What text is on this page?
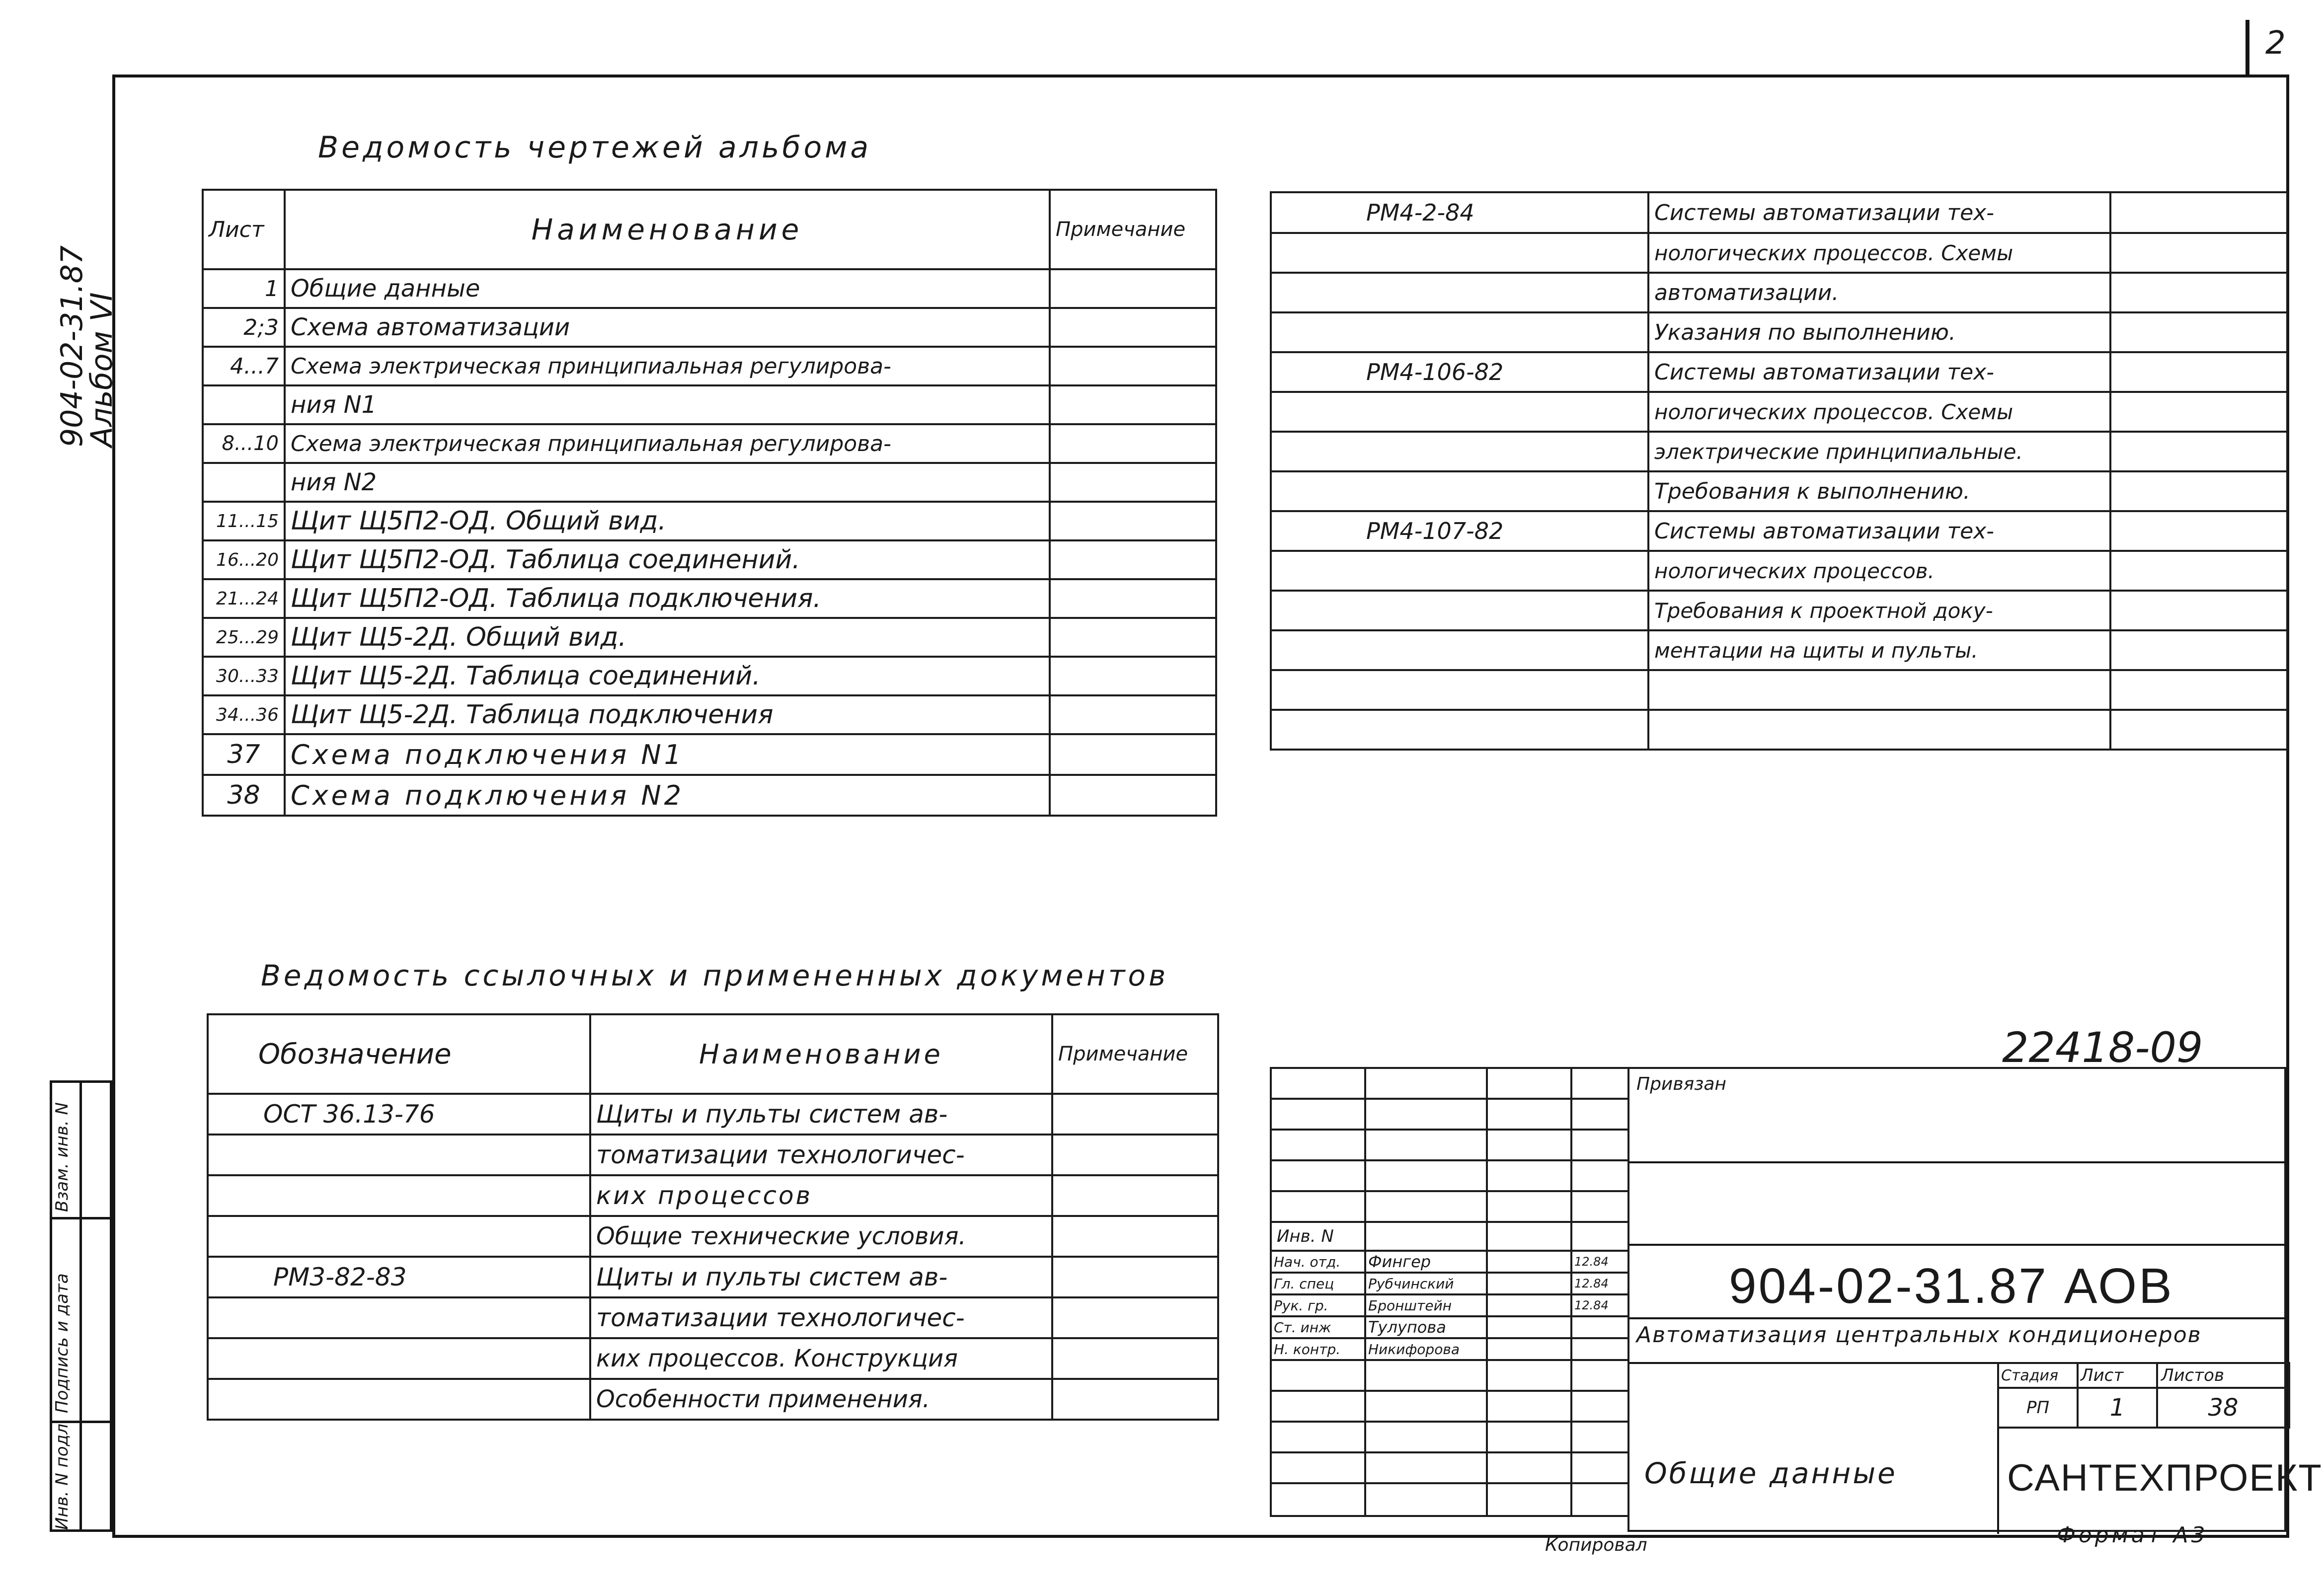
2
904-02-31.87
Альбом VI
Взам. инв. N
Подпись и дата
Инв. N подл.
Ведомость чертежей альбома
Лист	Наименование	Примечание
1	Общие данные	
2;3	Схема автоматизации	
4...7	Схема электрическая принципиальная регулирова-	
	ния N1	
8...10	Схема электрическая принципиальная регулирова-	
	ния N2	
11...15	Щит Щ5П2-ОД. Общий вид.	
16...20	Щит Щ5П2-ОД. Таблица соединений.	
21...24	Щит Щ5П2-ОД. Таблица подключения.	
25...29	Щит Щ5-2Д. Общий вид.	
30...33	Щит Щ5-2Д. Таблица соединений.	
34...36	Щит Щ5-2Д. Таблица подключения	
37	Схема подключения N1	
38	Схема подключения N2	
РМ4-2-84	Системы автоматизации тех-	
	нологических процессов. Схемы	
	автоматизации.	
	Указания по выполнению.	
РМ4-106-82	Системы автоматизации тех-	
	нологических процессов. Схемы	
	электрические принципиальные.	
	Требования к выполнению.	
РМ4-107-82	Системы автоматизации тех-	
	нологических процессов.	
	Требования к проектной доку-	
	ментации на щиты и пульты.	

Ведомость ссылочных и примененных документов
Обозначение	Наименование	Примечание
ОСТ 36.13-76	Щиты и пульты систем ав-	
	томатизации технологичес-	
	ких процессов	
	Общие технические условия.	
РМ3-82-83	Щиты и пульты систем ав-	
	томатизации технологичес-	
	ких процессов. Конструкция	
	Особенности применения.	
22418-09

Инв. N			
Нач. отд.	Фингер		12.84
Гл. спец	Рубчинский		12.84
Рук. гр.	Бронштейн		12.84
Ст. инж	Тулупова		
Н. контр.	Никифорова		

Привязан
904-02-31.87 АОВ
Автоматизация центральных кондиционеров
Стадия	Лист	Листов
РП	1	38
Общие данные	САНТЕХПРОЕКТ
Копировал	Формат А3
